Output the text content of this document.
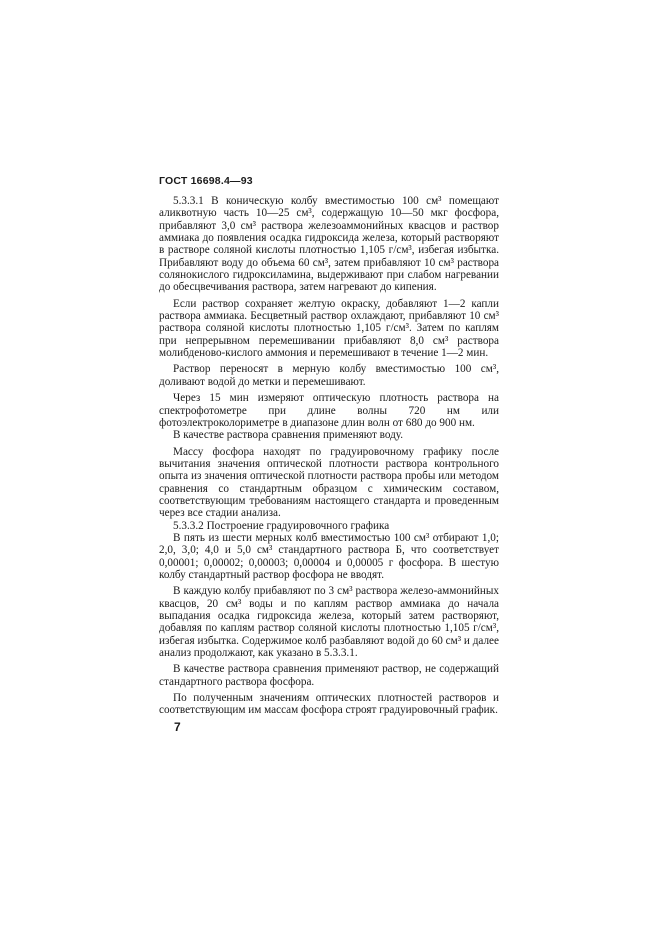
ГОСТ 16698.4—93

5.3.3.1 В коническую колбу вместимостью 100 см³ помещают аликвотную часть 10—25 см³, содержащую 10—50 мкг фосфора, прибавляют 3,0 см³ раствора железоаммонийных квасцов и раствор аммиака до появления осадка гидроксида железа, который растворяют в растворе соляной кислоты плотностью 1,105 г/см³, избегая избытка. Прибавляют воду до объема 60 см³, затем прибавляют 10 см³ раствора солянокислого гидроксиламина, выдерживают при слабом нагревании до обесцвечивания раствора, затем нагревают до кипения.

Если раствор сохраняет желтую окраску, добавляют 1—2 капли раствора аммиака. Бесцветный раствор охлаждают, прибавляют 10 см³ раствора соляной кислоты плотностью 1,105 г/см³. Затем по каплям при непрерывном перемешивании прибавляют 8,0 см³ раствора молибденово-кислого аммония и перемешивают в течение 1—2 мин.

Раствор переносят в мерную колбу вместимостью 100 см³, доливают водой до метки и перемешивают.

Через 15 мин измеряют оптическую плотность раствора на спектрофотометре при длине волны 720 нм или фотоэлектроколориметре в диапазоне длин волн от 680 до 900 нм.

В качестве раствора сравнения применяют воду.

Массу фосфора находят по градуировочному графику после вычитания значения оптической плотности раствора контрольного опыта из значения оптической плотности раствора пробы или методом сравнения со стандартным образцом с химическим составом, соответствующим требованиям настоящего стандарта и проведенным через все стадии анализа.

5.3.3.2 Построение градуировочного графика

В пять из шести мерных колб вместимостью 100 см³ отбирают 1,0; 2,0, 3,0; 4,0 и 5,0 см³ стандартного раствора Б, что соответствует 0,00001; 0,00002; 0,00003; 0,00004 и 0,00005 г фосфора. В шестую колбу стандартный раствор фосфора не вводят.

В каждую колбу прибавляют по 3 см³ раствора железо-аммонийных квасцов, 20 см³ воды и по каплям раствор аммиака до начала выпадания осадка гидроксида железа, который затем растворяют, добавляя по каплям раствор соляной кислоты плотностью 1,105 г/см³, избегая избытка. Содержимое колб разбавляют водой до 60 см³ и далее анализ продолжают, как указано в 5.3.3.1.

В качестве раствора сравнения применяют раствор, не содержащий стандартного раствора фосфора.

По полученным значениям оптических плотностей растворов и соответствующим им массам фосфора строят градуировочный график.

7
